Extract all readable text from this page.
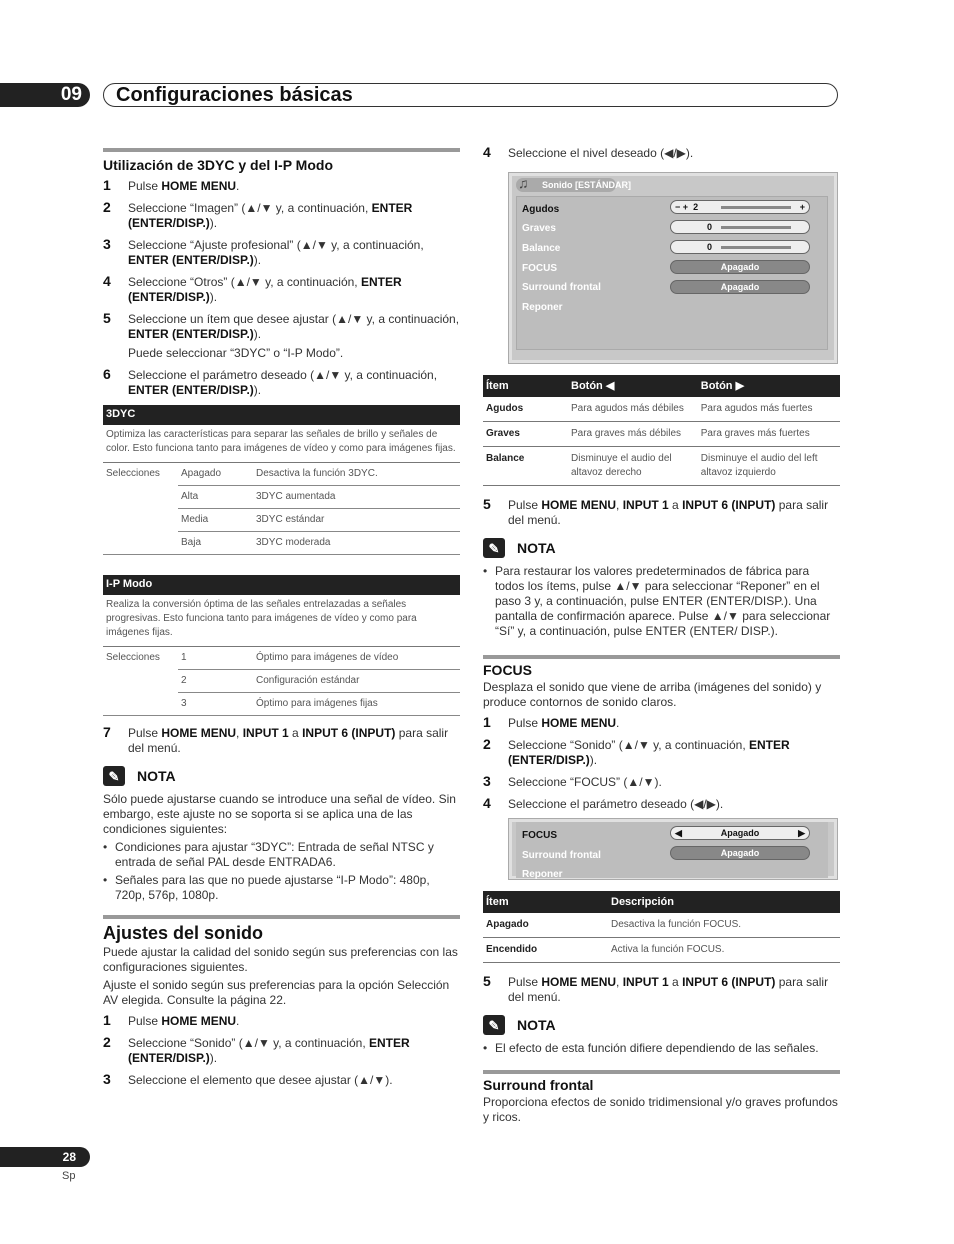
09	Configuraciones básicas
Utilización de 3DYC y del I-P Modo
1 Pulse HOME MENU.
2 Seleccione “Imagen” (▲/▼ y, a continuación, ENTER (ENTER/DISP.)).
3 Seleccione “Ajuste profesional” (▲/▼ y, a continuación, ENTER (ENTER/DISP.)).
4 Seleccione “Otros” (▲/▼ y, a continuación, ENTER (ENTER/DISP.)).
5 Seleccione un ítem que desee ajustar (▲/▼ y, a continuación, ENTER (ENTER/DISP.)).
Puede seleccionar “3DYC” o “I-P Modo”.
6 Seleccione el parámetro deseado (▲/▼ y, a continuación, ENTER (ENTER/DISP.)).
3DYC
Optimiza las características para separar las señales de brillo y señales de color. Esto funciona tanto para imágenes de vídeo y como para imágenes fijas.
Selecciones	Apagado	Desactiva la función 3DYC.
	Alta	3DYC aumentada
	Media	3DYC estándar
	Baja	3DYC moderada
I-P Modo
Realiza la conversión óptima de las señales entrelazadas a señales progresivas. Esto funciona tanto para imágenes de vídeo y como para imágenes fijas.
Selecciones	1	Óptimo para imágenes de vídeo
	2	Configuración estándar
	3	Óptimo para imágenes fijas
7 Pulse HOME MENU, INPUT 1 a INPUT 6 (INPUT) para salir del menú.
✎	NOTA

Sólo puede ajustarse cuando se introduce una señal de vídeo. Sin embargo, este ajuste no se soporta si se aplica una de las condiciones siguientes:

• Condiciones para ajustar “3DYC”: Entrada de señal NTSC y entrada de señal PAL desde ENTRADA6.
• Señales para las que no puede ajustarse “I-P Modo”: 480p, 720p, 576p, 1080p.
Ajustes del sonido

Puede ajustar la calidad del sonido según sus preferencias con las configuraciones siguientes.

Ajuste el sonido según sus preferencias para la opción Selección AV elegida. Consulte la página 22.

1 Pulse HOME MENU.
2 Seleccione “Sonido” (▲/▼ y, a continuación, ENTER (ENTER/DISP.)).
3 Seleccione el elemento que desee ajustar (▲/▼).
4 Seleccione el nivel deseado (◀/▶).
♫ Sonido [ESTÁNDAR]
Agudos
Graves
Balance
FOCUS
Surround frontal
Reponer
− + 2	+
0
0
Apagado
Apagado
Ítem	Botón ◀	Botón ▶
Agudos	Para agudos más débiles	Para agudos más fuertes
Graves	Para graves más débiles	Para graves más fuertes
Balance	Disminuye el audio del altavoz derecho	Disminuye el audio del left altavoz izquierdo
5 Pulse HOME MENU, INPUT 1 a INPUT 6 (INPUT) para salir del menú.
✎	NOTA
• Para restaurar los valores predeterminados de fábrica para todos los ítems, pulse ▲/▼ para seleccionar “Reponer” en el paso 3 y, a continuación, pulse ENTER (ENTER/DISP.). Una pantalla de confirmación aparece. Pulse ▲/▼ para seleccionar “Sí” y, a continuación, pulse ENTER (ENTER/ DISP.).
FOCUS

Desplaza el sonido que viene de arriba (imágenes del sonido) y produce contornos de sonido claros.

1 Pulse HOME MENU.
2 Seleccione “Sonido” (▲/▼ y, a continuación, ENTER (ENTER/DISP.)).
3 Seleccione “FOCUS” (▲/▼).
4 Seleccione el parámetro deseado (◀/▶).
FOCUS
Surround frontal
Reponer
◀	Apagado	▶
Apagado
Ítem	Descripción
Apagado	Desactiva la función FOCUS.
Encendido	Activa la función FOCUS.
5 Pulse HOME MENU, INPUT 1 a INPUT 6 (INPUT) para salir del menú.
✎	NOTA
• El efecto de esta función difiere dependiendo de las señales.
Surround frontal

Proporciona efectos de sonido tridimensional y/o graves profundos y ricos.

28
Sp
